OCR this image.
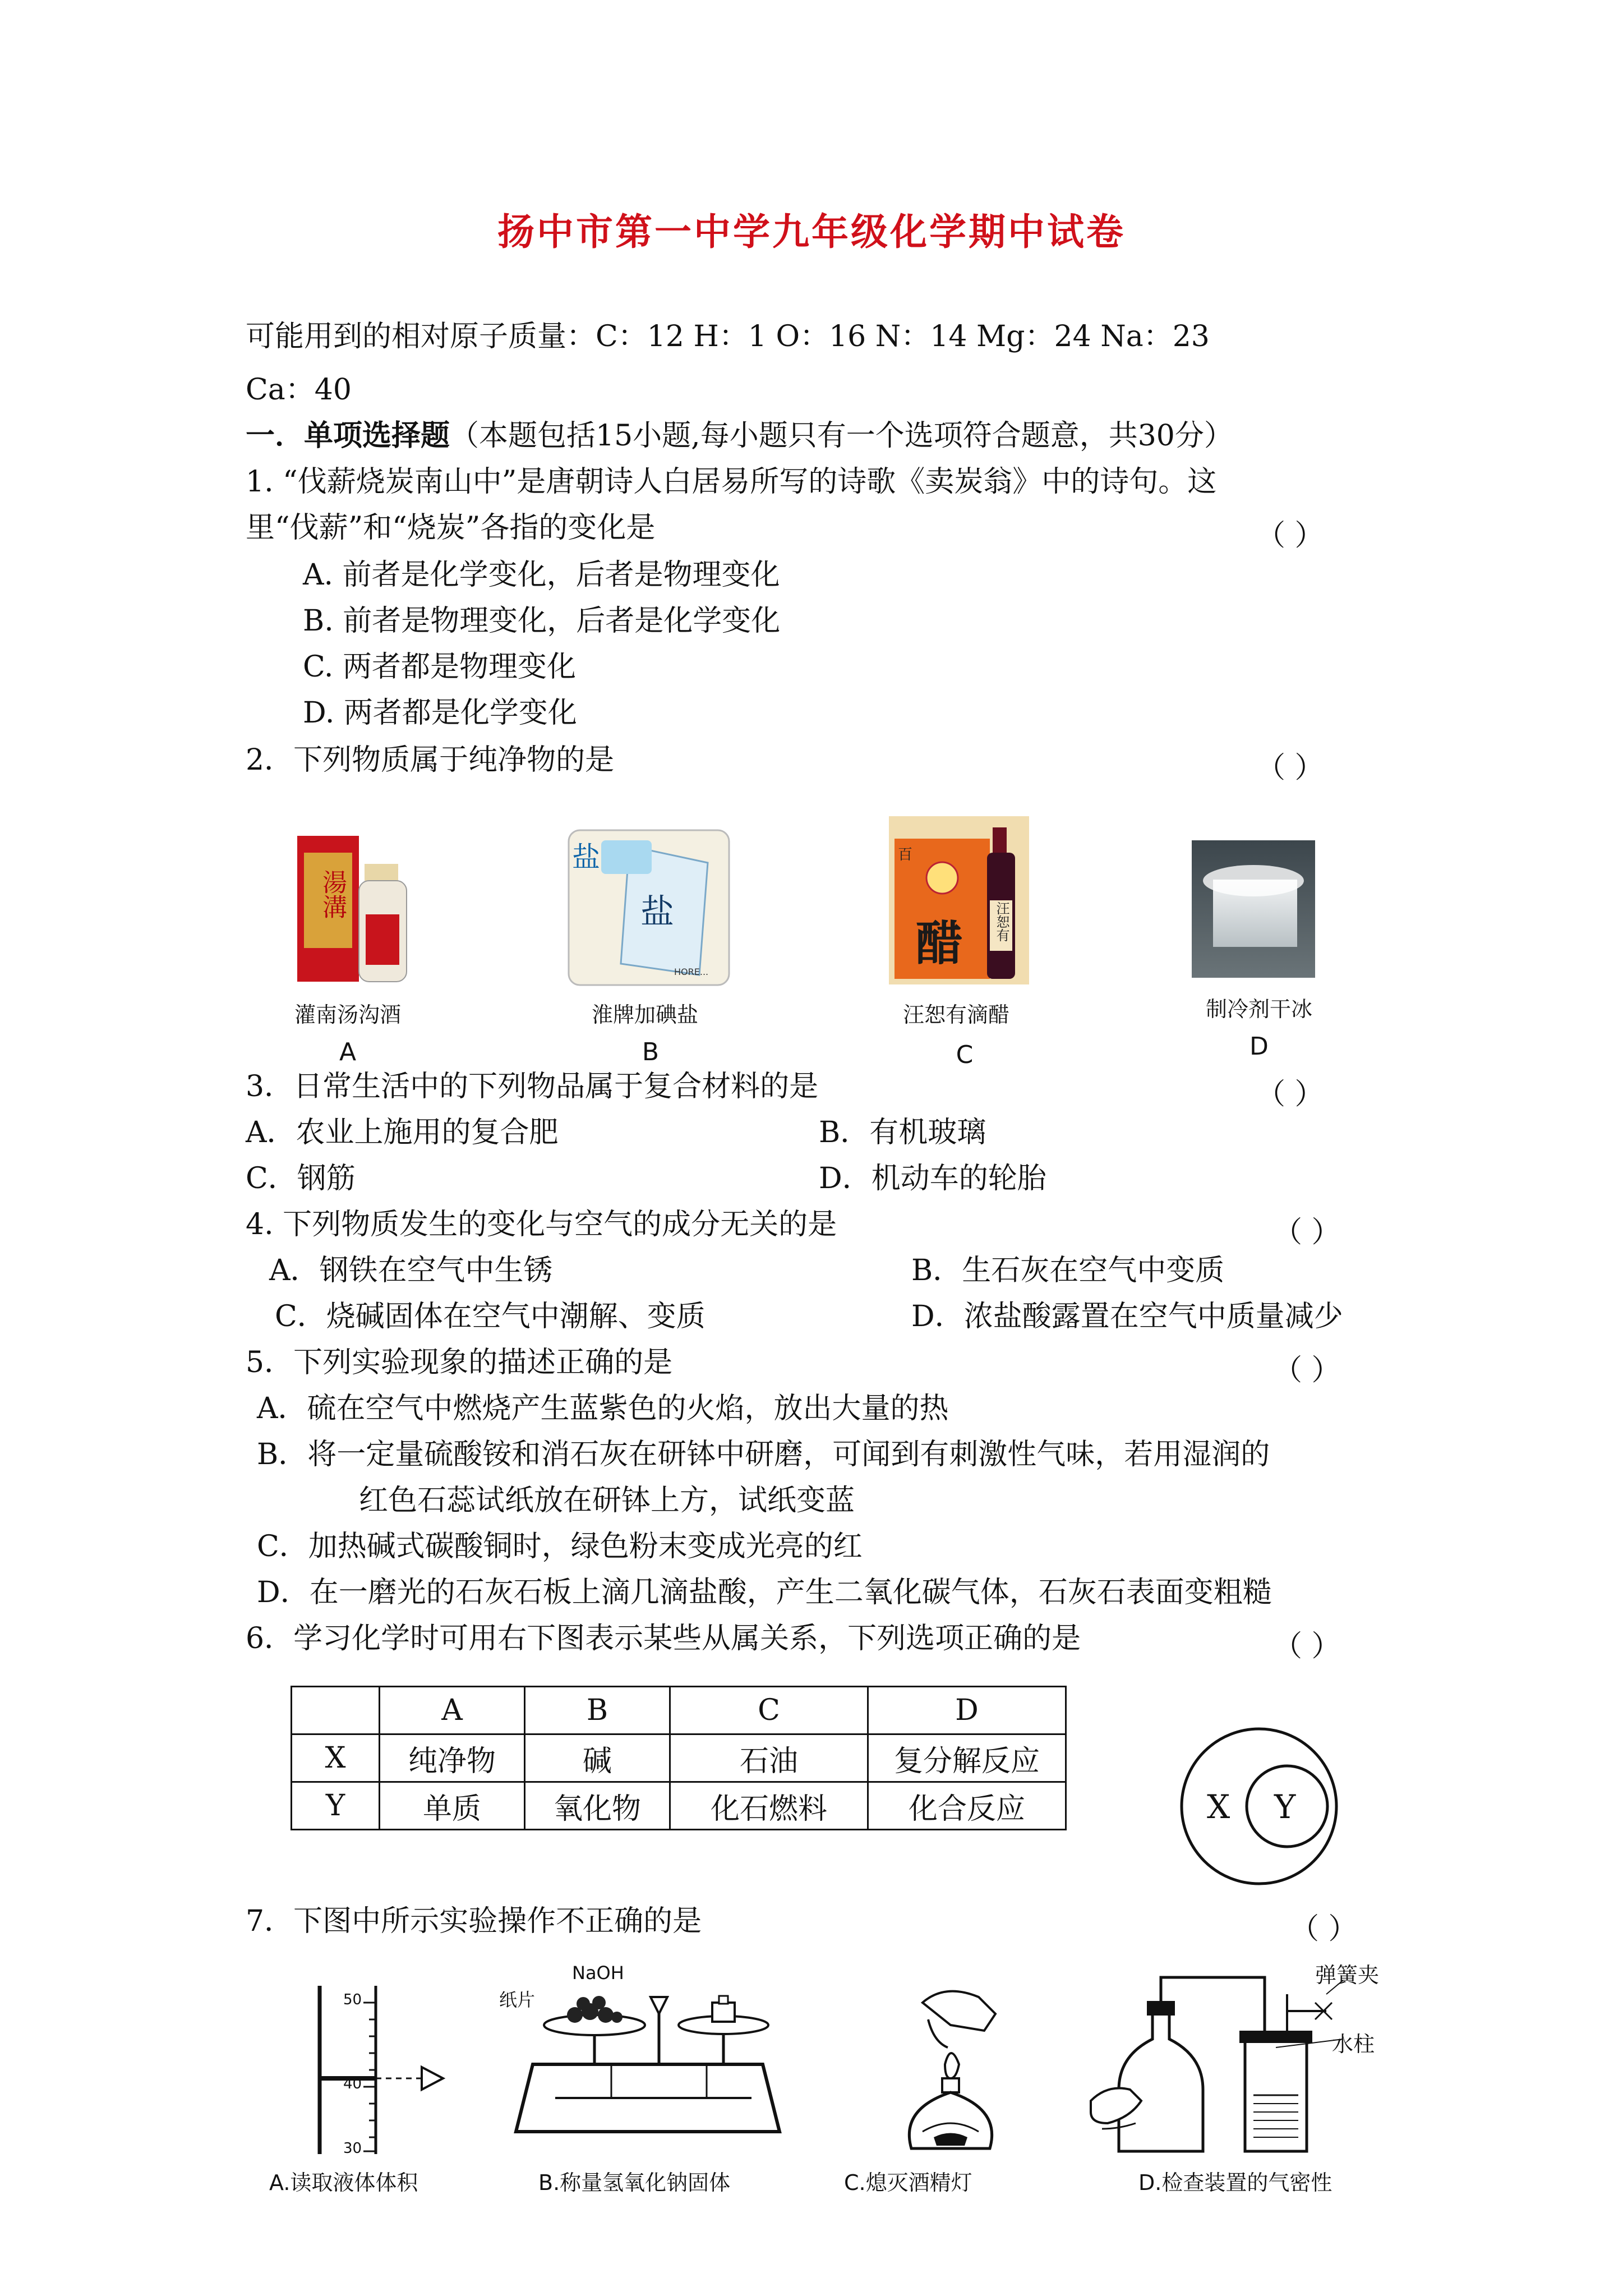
扬中市第一中学九年级化学期中试卷
可能用到的相对原子质量：C：12 H：1 O：16 N：14 Mg：24 Na：23
Ca：40
一．单项选择题（本题包括15小题,每小题只有一个选项符合题意，共30分）
1. “伐薪烧炭南山中”是唐朝诗人白居易所写的诗歌《卖炭翁》中的诗句。这
里“伐薪”和“烧炭”各指的变化是	（ ）
A. 前者是化学变化，后者是物理变化
B. 前者是物理变化，后者是化学变化
C. 两者都是物理变化
D. 两者都是化学变化
2．下列物质属于纯净物的是	（ ）
湯溝
盐
盐
HORE...
百
醋 汪恕有
灌南汤沟酒	淮牌加碘盐	汪恕有滴醋	制冷剂干冰
A	B	C	D
3．日常生活中的下列物品属于复合材料的是	（ ）
A．农业上施用的复合肥	B．有机玻璃
C．钢筋	D．机动车的轮胎
4. 下列物质发生的变化与空气的成分无关的是	（ ）
A．钢铁在空气中生锈	B．生石灰在空气中变质
C．烧碱固体在空气中潮解、变质	D．浓盐酸露置在空气中质量减少
5．下列实验现象的描述正确的是	（ ）
A．硫在空气中燃烧产生蓝紫色的火焰，放出大量的热
B．将一定量硫酸铵和消石灰在研钵中研磨，可闻到有刺激性气味，若用湿润的
红色石蕊试纸放在研钵上方，试纸变蓝
C．加热碱式碳酸铜时，绿色粉末变成光亮的红
D．在一磨光的石灰石板上滴几滴盐酸，产生二氧化碳气体，石灰石表面变粗糙
6．学习化学时可用右下图表示某些从属关系，下列选项正确的是	（ ）
	A	B	C	D
X	纯净物	碱	石油	复分解反应
Y	单质	氧化物	化石燃料	化合反应	X Y
7．下图中所示实验操作不正确的是	（ ）
50
40
30
纸片
NaOH	弹簧夹
水柱
A.读取液体体积	B.称量氢氧化钠固体	C.熄灭酒精灯	D.检查装置的气密性
